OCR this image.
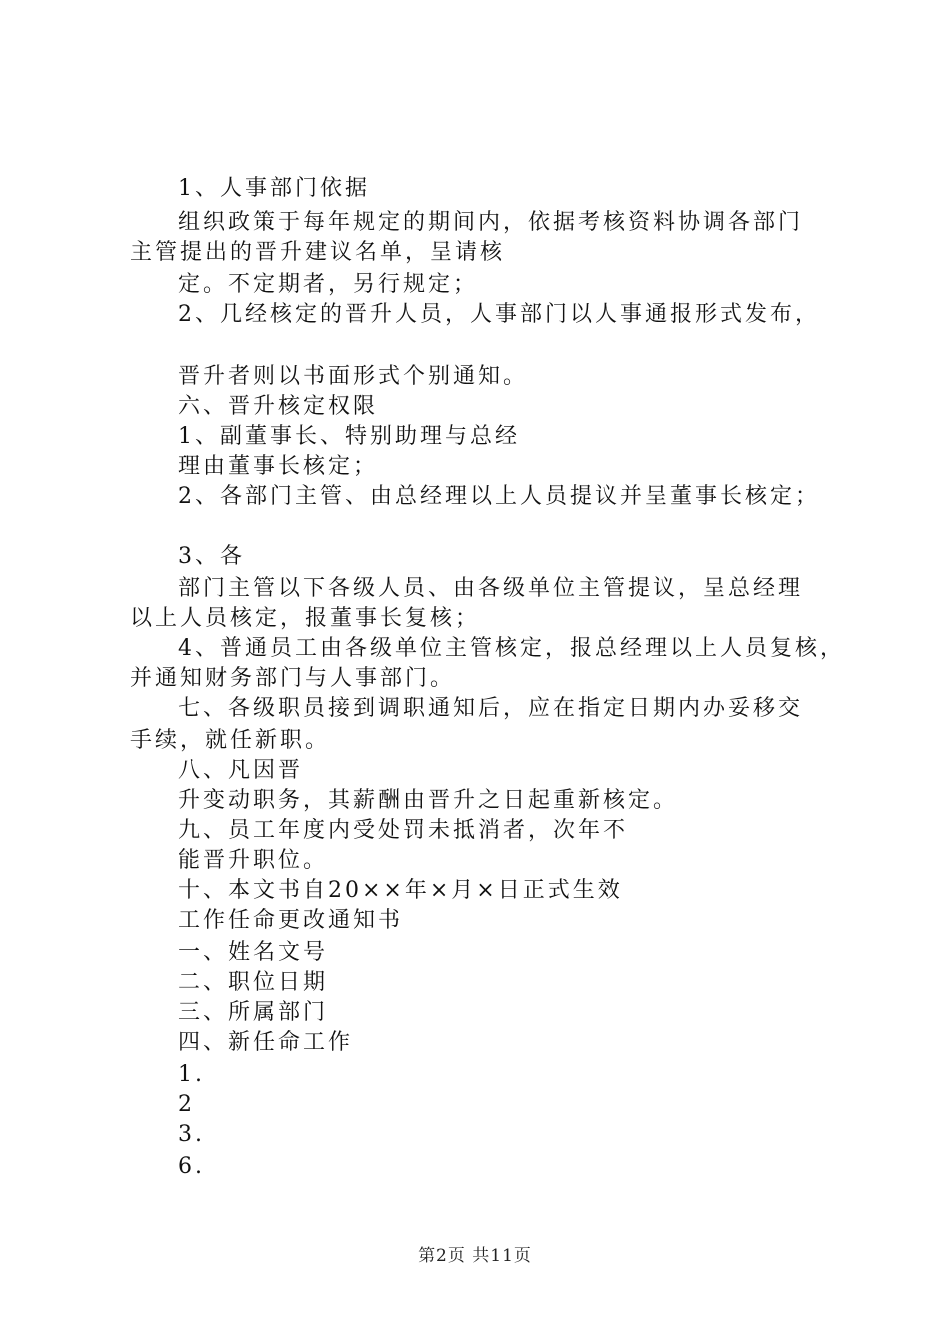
1、人事部门依据
组织政策于每年规定的期间内，依据考核资料协调各部门
主管提出的晋升建议名单，呈请核
定。不定期者，另行规定；
2、几经核定的晋升人员，人事部门以人事通报形式发布，
晋升者则以书面形式个别通知。
六、晋升核定权限
1、副董事长、特别助理与总经
理由董事长核定；
2、各部门主管、由总经理以上人员提议并呈董事长核定；
3、各
部门主管以下各级人员、由各级单位主管提议，呈总经理
以上人员核定，报董事长复核；
4、普通员工由各级单位主管核定，报总经理以上人员复核，
并通知财务部门与人事部门。
七、各级职员接到调职通知后，应在指定日期内办妥移交
手续，就任新职。
八、凡因晋
升变动职务，其薪酬由晋升之日起重新核定。
九、员工年度内受处罚未抵消者，次年不
能晋升职位。
十、本文书自20××年×月×日正式生效
工作任命更改通知书
一、姓名文号
二、职位日期
三、所属部门
四、新任命工作
1.
2
3.
6.
第2页 共11页
